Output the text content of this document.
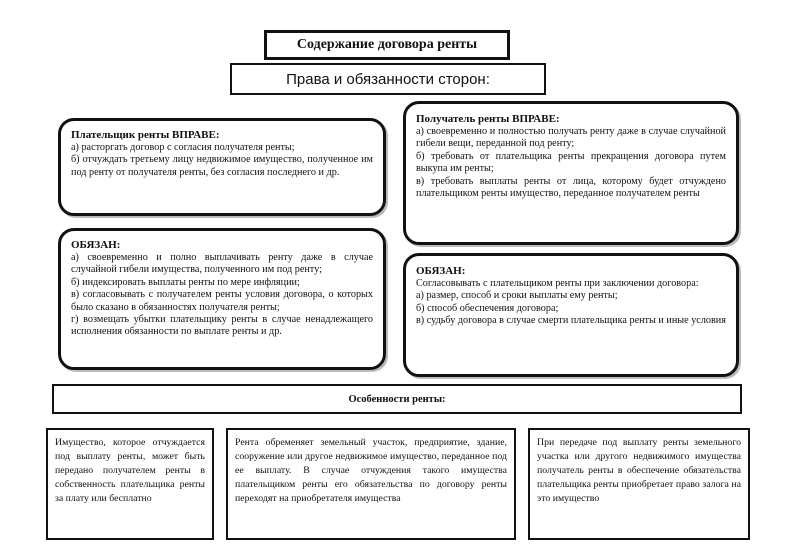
Содержание договора ренты
Права и обязанности сторон:

Плательщик ренты ВПРАВЕ:

а) расторгать договор с согласия получателя ренты;

б) отчуждать третьему лицу недвижимое имущество, полученное им под ренту от получателя ренты, без согласия последнего и др.

Получатель ренты ВПРАВЕ:

а) своевременно и полностью получать ренту даже в случае случайной гибели вещи, переданной под ренту;

б) требовать от плательщика ренты прекращения договора путем выкупа им ренты;

в) требовать выплаты ренты от лица, которому будет отчуждено плательщиком ренты имущество, переданное получателем ренты

ОБЯЗАН:

а) своевременно и полно выплачивать ренту даже в случае случайной гибели имущества, полученного им под ренту;

б) индексировать выплаты ренты по мере инфляции;

в) согласовывать с получателем ренты условия договора, о которых было сказано в обязанностях получателя ренты;

г) возмещать убытки плательщику ренты в случае ненадлежащего исполнения обязанности по выплате ренты и др.

ОБЯЗАН:

Согласовывать с плательщиком ренты при заключении договора:

а) размер, способ и сроки выплаты ему ренты;

б) способ обеспечения договора;

в) судьбу договора в случае смерти плательщика ренты и иные условия

Особенности ренты:

Имущество, которое отчуждается под выплату ренты, может быть передано получателем ренты в собственность плательщика ренты за плату или бесплатно

Рента обременяет земельный участок, предприятие, здание, сооружение или другое недвижимое имущество, переданное под ее выплату. В случае отчуждения такого имущества плательщиком ренты его обязательства по договору ренты переходят на приобретателя имущества

При передаче под выплату ренты земельного участка или другого недвижимого имущества получатель ренты в обеспечение обязательства плательщика ренты приобретает право залога на это имущество
